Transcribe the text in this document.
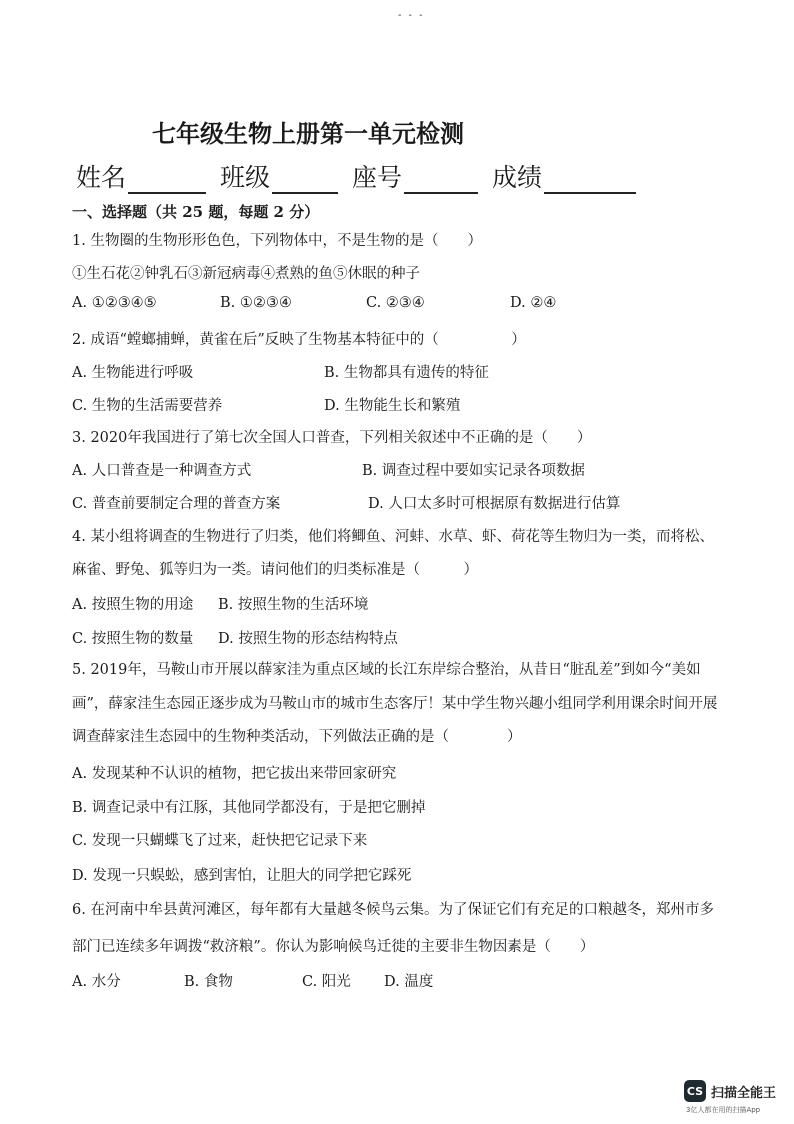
- - -
七年级生物上册第一单元检测
姓名	班级	座号	成绩
一、选择题（共 25 题，每题 2 分）
1. 生物圈的生物形形色色，下列物体中，不是生物的是（　　）
①生石花②钟乳石③新冠病毒④煮熟的鱼⑤休眠的种子
A. ①②③④⑤	B. ①②③④	C. ②③④	D. ②④
2. 成语“螳螂捕蝉，黄雀在后”反映了生物基本特征中的（　　　　　）
A. 生物能进行呼吸	B. 生物都具有遗传的特征
C. 生物的生活需要营养	D. 生物能生长和繁殖
3. 2020年我国进行了第七次全国人口普查，下列相关叙述中不正确的是（　　）
A. 人口普查是一种调查方式	B. 调查过程中要如实记录各项数据
C. 普查前要制定合理的普查方案	D. 人口太多时可根据原有数据进行估算
4. 某小组将调查的生物进行了归类，他们将鲫鱼、河蚌、水草、虾、荷花等生物归为一类，而将松、
麻雀、野兔、狐等归为一类。请问他们的归类标准是（　　　）
A. 按照生物的用途	B. 按照生物的生活环境
C. 按照生物的数量	D. 按照生物的形态结构特点
5. 2019年，马鞍山市开展以薛家洼为重点区域的长江东岸综合整治，从昔日“脏乱差”到如今“美如
画”，薛家洼生态园正逐步成为马鞍山市的城市生态客厅！某中学生物兴趣小组同学利用课余时间开展
调查薛家洼生态园中的生物种类活动，下列做法正确的是（　　　　）
A. 发现某种不认识的植物，把它拔出来带回家研究
B. 调查记录中有江豚，其他同学都没有，于是把它删掉
C. 发现一只蝴蝶飞了过来，赶快把它记录下来
D. 发现一只蜈蚣，感到害怕，让胆大的同学把它踩死
6. 在河南中牟县黄河滩区，每年都有大量越冬候鸟云集。为了保证它们有充足的口粮越冬，郑州市多
部门已连续多年调拨“救济粮”。你认为影响候鸟迁徙的主要非生物因素是（　　）
A. 水分	B. 食物	C. 阳光	D. 温度
CS 扫描全能王
3亿人都在用的扫描App
